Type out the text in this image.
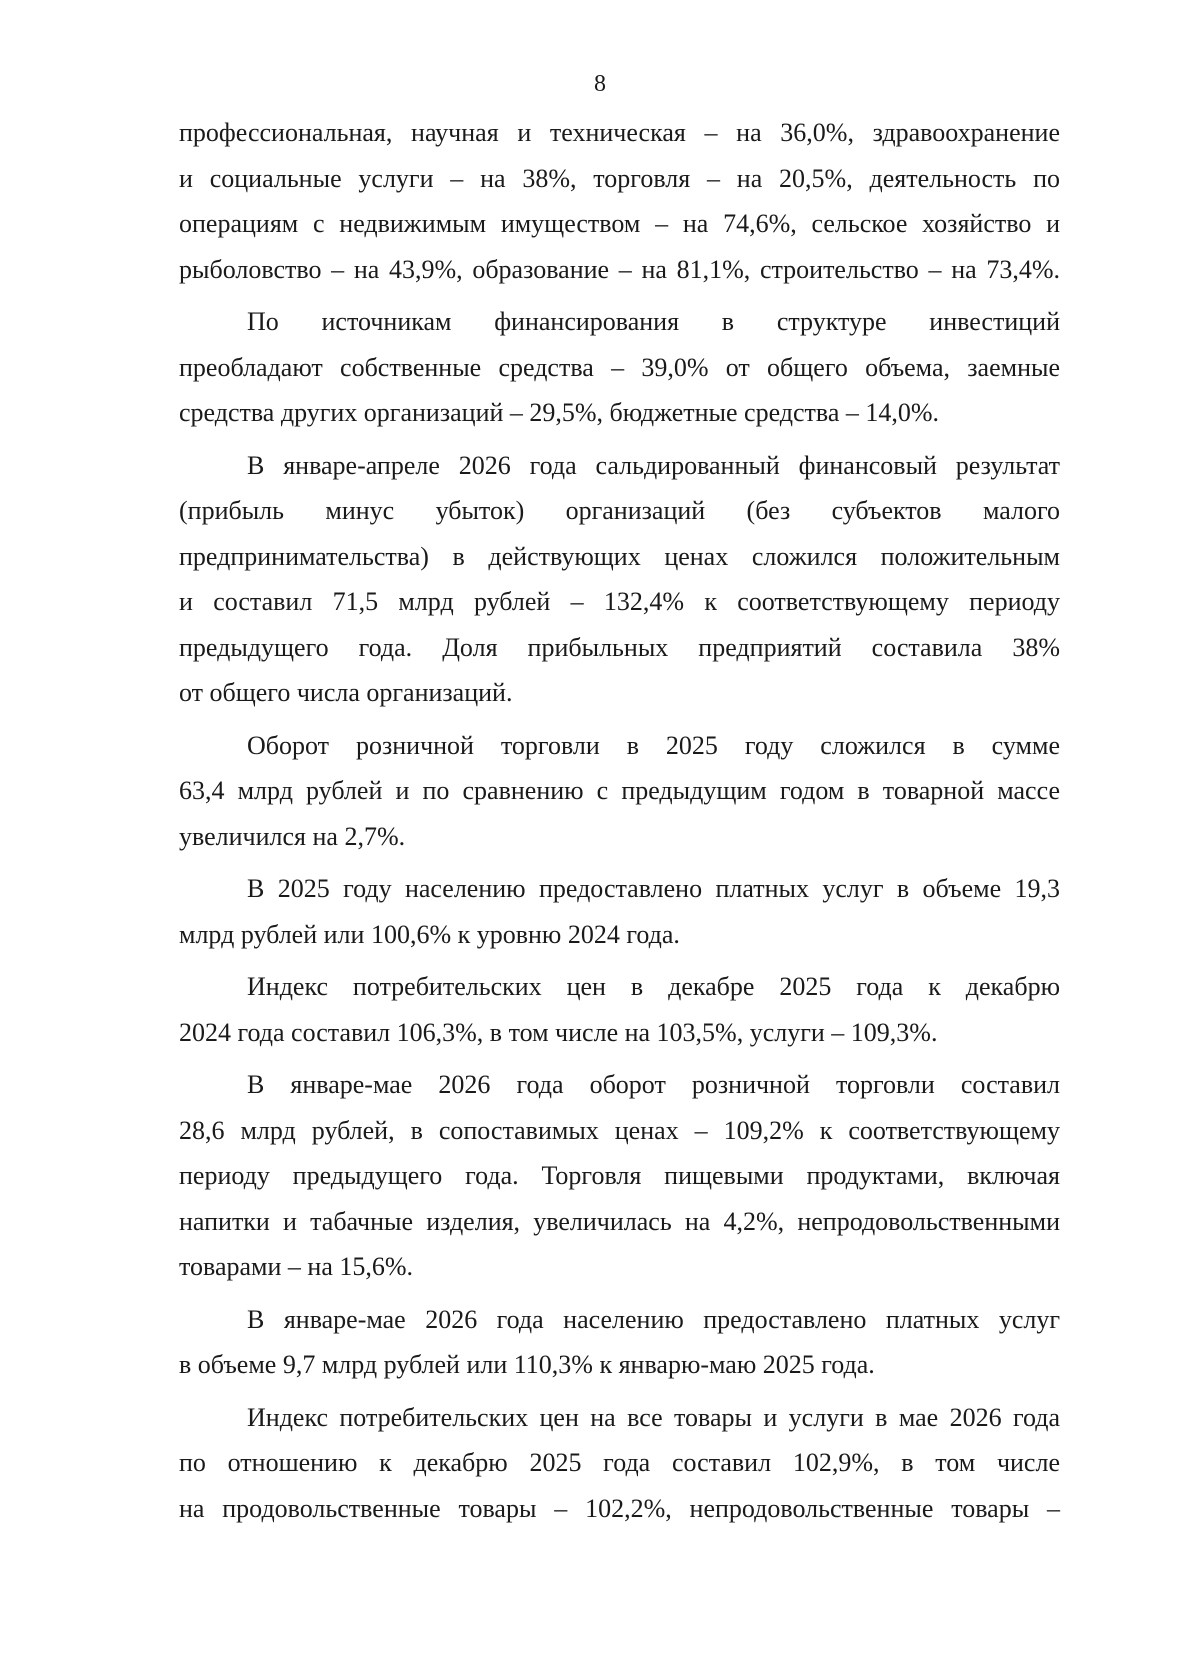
8
профессиональная, научная и техническая – на 36,0%, здравоохранение
и социальные услуги – на 38%, торговля – на 20,5%, деятельность по
операциям с недвижимым имуществом – на 74,6%, сельское хозяйство и
рыболовство – на 43,9%, образование – на 81,1%, строительство – на 73,4%.
По источникам финансирования в структуре инвестиций
преобладают собственные средства – 39,0% от общего объема, заемные
средства других организаций – 29,5%, бюджетные средства – 14,0%.
В январе-апреле 2026 года сальдированный финансовый результат
(прибыль минус убыток) организаций (без субъектов малого
предпринимательства) в действующих ценах сложился положительным
и составил 71,5 млрд рублей – 132,4% к соответствующему периоду
предыдущего года. Доля прибыльных предприятий составила 38%
от общего числа организаций.
Оборот розничной торговли в 2025 году сложился в сумме
63,4 млрд рублей и по сравнению с предыдущим годом в товарной массе
увеличился на 2,7%.
В 2025 году населению предоставлено платных услуг в объеме 19,3
млрд рублей или 100,6% к уровню 2024 года.
Индекс потребительских цен в декабре 2025 года к декабрю
2024 года составил 106,3%, в том числе на 103,5%, услуги – 109,3%.
В январе-мае 2026 года оборот розничной торговли составил
28,6 млрд рублей, в сопоставимых ценах – 109,2% к соответствующему
периоду предыдущего года. Торговля пищевыми продуктами, включая
напитки и табачные изделия, увеличилась на 4,2%, непродовольственными
товарами – на 15,6%.
В январе-мае 2026 года населению предоставлено платных услуг
в объеме 9,7 млрд рублей или 110,3% к январю-маю 2025 года.
Индекс потребительских цен на все товары и услуги в мае 2026 года
по отношению к декабрю 2025 года составил 102,9%, в том числе
на продовольственные товары – 102,2%, непродовольственные товары –
